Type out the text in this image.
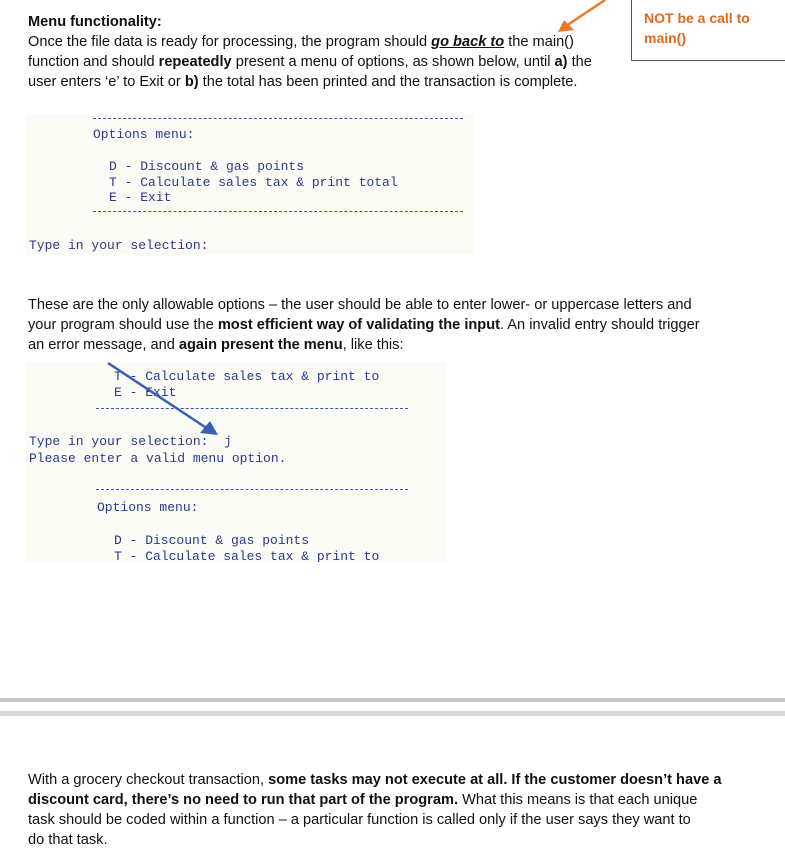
NOT be a call to
main()

Menu functionality:

Once the file data is ready for processing, the program should go back to the main()

function and should repeatedly present a menu of options, as shown below, until a) the

user enters ‘e’ to Exit or b) the total has been printed and the transaction is complete.

Options menu:
D - Discount & gas points
T - Calculate sales tax & print total
E - Exit
Type in your selection:

These are the only allowable options – the user should be able to enter lower- or uppercase letters and

your program should use the most efficient way of validating the input. An invalid entry should trigger

an error message, and again present the menu, like this:

T - Calculate sales tax & print to
E - Exit
Type in your selection:  j
Please enter a valid menu option.
Options menu:
D - Discount & gas points
T - Calculate sales tax & print to

With a grocery checkout transaction, some tasks may not execute at all. If the customer doesn’t have a

discount card, there’s no need to run that part of the program. What this means is that each unique

task should be coded within a function – a particular function is called only if the user says they want to

do that task.
